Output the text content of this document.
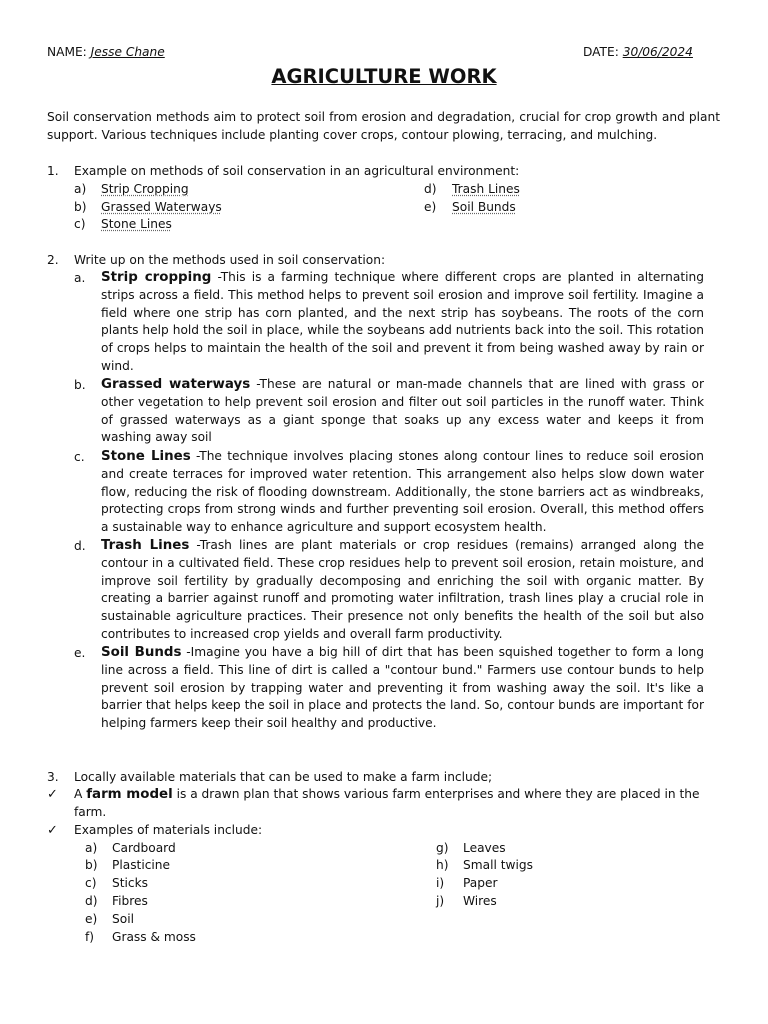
NAME: Jesse Chane	DATE: 30/06/2024
AGRICULTURE WORK
Soil conservation methods aim to protect soil from erosion and degradation, crucial for crop growth and plant support. Various techniques include planting cover crops, contour plowing, terracing, and mulching.
1. Example on methods of soil conservation in an agricultural environment:
a) Strip Cropping
b) Grassed Waterways
c) Stone Lines
d) Trash Lines
e) Soil Bunds
2. Write up on the methods used in soil conservation:
a. Strip cropping -This is a farming technique where different crops are planted in alternating strips across a field. This method helps to prevent soil erosion and improve soil fertility. Imagine a field where one strip has corn planted, and the next strip has soybeans. The roots of the corn plants help hold the soil in place, while the soybeans add nutrients back into the soil. This rotation of crops helps to maintain the health of the soil and prevent it from being washed away by rain or wind.
b. Grassed waterways -These are natural or man-made channels that are lined with grass or other vegetation to help prevent soil erosion and filter out soil particles in the runoff water. Think of grassed waterways as a giant sponge that soaks up any excess water and keeps it from washing away soil
c. Stone Lines -The technique involves placing stones along contour lines to reduce soil erosion and create terraces for improved water retention. This arrangement also helps slow down water flow, reducing the risk of flooding downstream. Additionally, the stone barriers act as windbreaks, protecting crops from strong winds and further preventing soil erosion. Overall, this method offers a sustainable way to enhance agriculture and support ecosystem health.
d. Trash Lines -Trash lines are plant materials or crop residues (remains) arranged along the contour in a cultivated field. These crop residues help to prevent soil erosion, retain moisture, and improve soil fertility by gradually decomposing and enriching the soil with organic matter. By creating a barrier against runoff and promoting water infiltration, trash lines play a crucial role in sustainable agriculture practices. Their presence not only benefits the health of the soil but also contributes to increased crop yields and overall farm productivity.
e. Soil Bunds -Imagine you have a big hill of dirt that has been squished together to form a long line across a field. This line of dirt is called a "contour bund." Farmers use contour bunds to help prevent soil erosion by trapping water and preventing it from washing away the soil. It's like a barrier that helps keep the soil in place and protects the land. So, contour bunds are important for helping farmers keep their soil healthy and productive.
3. Locally available materials that can be used to make a farm include;
✓ A farm model is a drawn plan that shows various farm enterprises and where they are placed in the farm.
✓ Examples of materials include:
a) Cardboard
b) Plasticine
c) Sticks
d) Fibres
e) Soil
f) Grass & moss
g) Leaves
h) Small twigs
i) Paper
j) Wires
